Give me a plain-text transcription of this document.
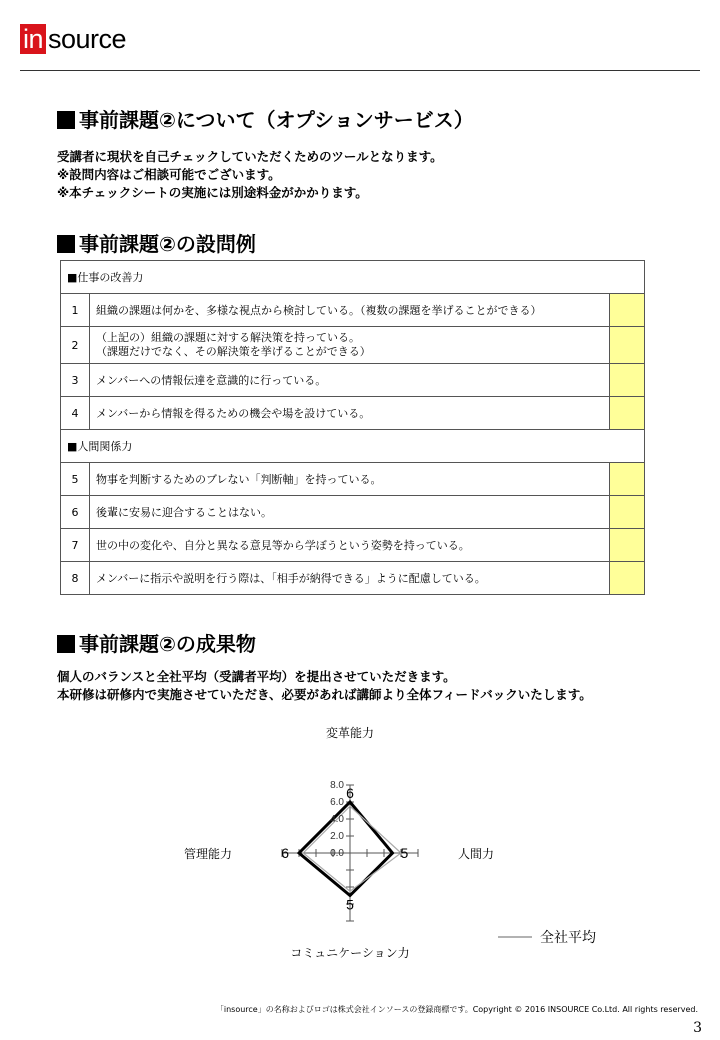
in source
事前課題②について（オプションサービス）
受講者に現状を自己チェックしていただくためのツールとなります。
※設問内容はご相談可能でございます。
※本チェックシートの実施には別途料金がかかります。
事前課題②の設問例
■仕事の改善力		
1	組織の課題は何かを、多様な視点から検討している。（複数の課題を挙げることができる）	
2	（上記の）組織の課題に対する解決策を持っている。
（課題だけでなく、その解決策を挙げることができる）	
3	メンバーへの情報伝達を意識的に行っている。	
4	メンバーから情報を得るための機会や場を設けている。	
■人間関係力		
5	物事を判断するためのブレない「判断軸」を持っている。	
6	後輩に安易に迎合することはない。	
7	世の中の変化や、自分と異なる意見等から学ぼうという姿勢を持っている。	
8	メンバーに指示や説明を行う際は、「相手が納得できる」ように配慮している。	
事前課題②の成果物
個人のバランスと全社平均（受講者平均）を提出させていただきます。
本研修は研修内で実施させていただき、必要があれば講師より全体フィードバックいたします。
0.0
2.0
4.0
6.0
8.0 6
5
5
6
変革能力
人間力
コミュニケーション力
管理能力
全社平均
「insource」の名称およびロゴは株式会社インソースの登録商標です。Copyright © 2016 INSOURCE Co.Ltd. All rights reserved.
3
